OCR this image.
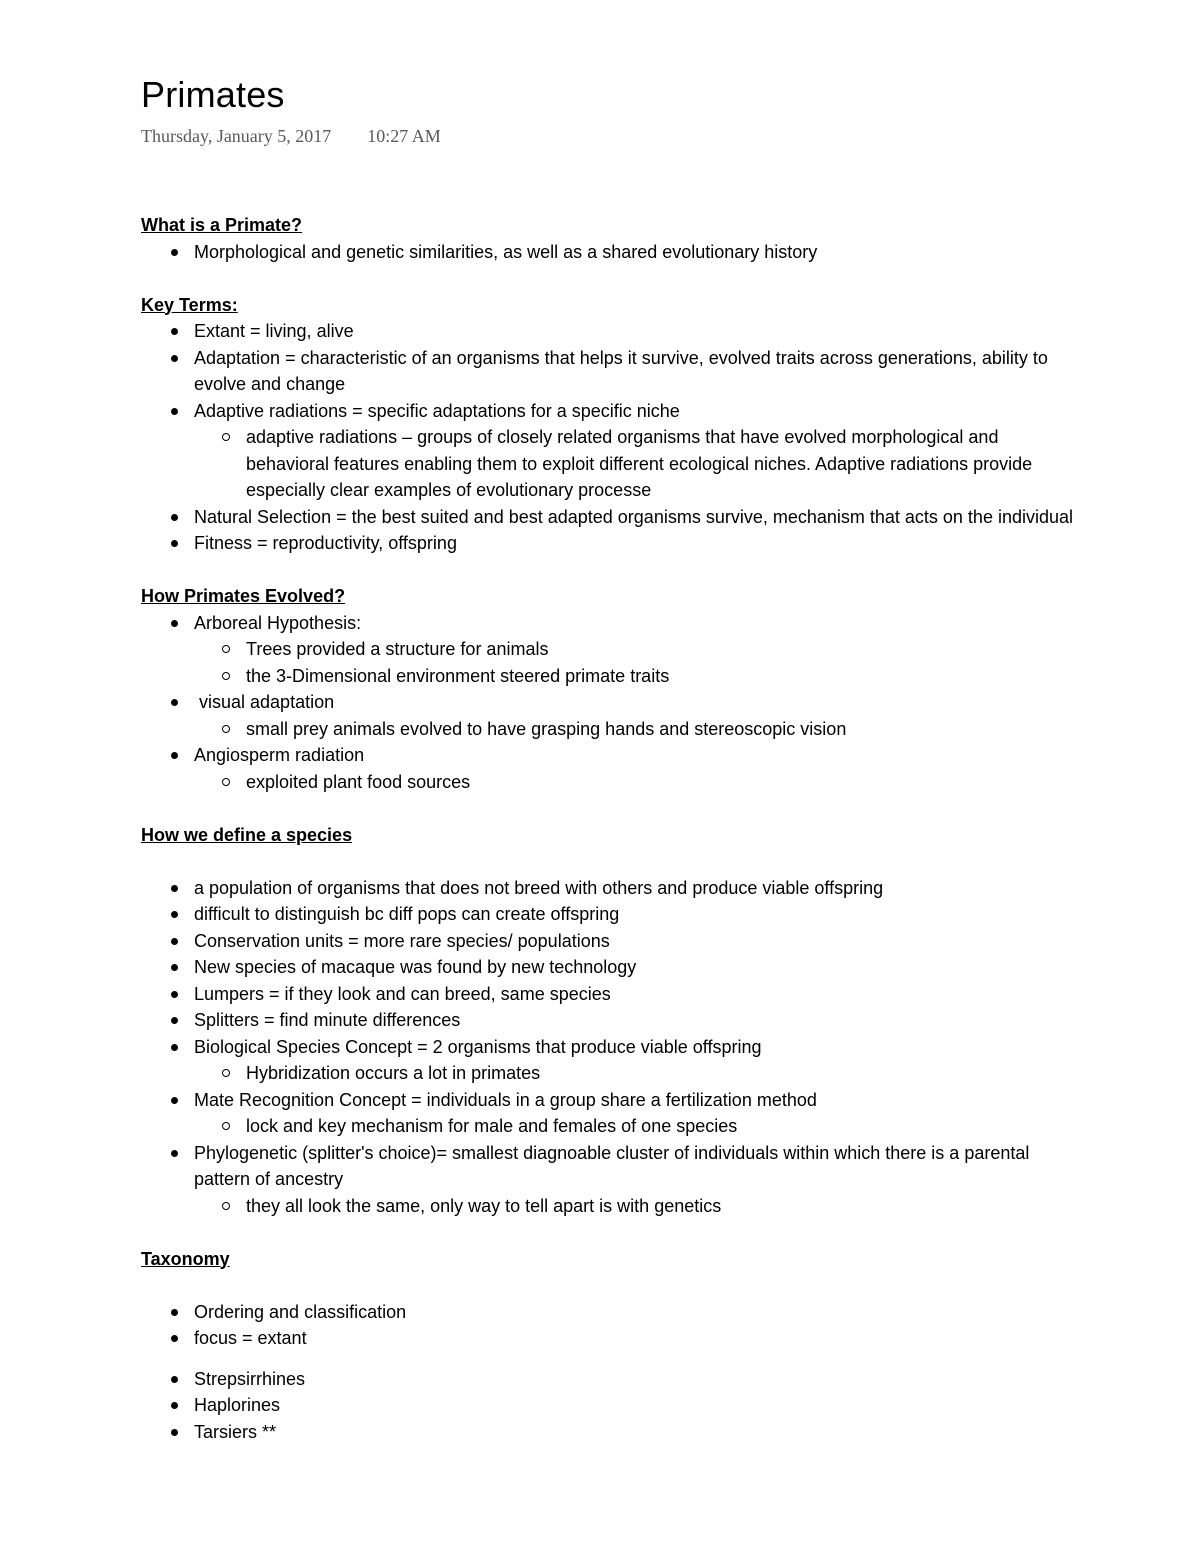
Primates
Thursday, January 5, 2017 10:27 AM

What is a Primate?

Morphological and genetic similarities, as well as a shared evolutionary history

Key Terms:

Extant = living, alive
Adaptation = characteristic of an organisms that helps it survive, evolved traits across generations, ability to evolve and change
Adaptive radiations = specific adaptations for a specific niche
adaptive radiations – groups of closely related organisms that have evolved morphological and behavioral features enabling them to exploit different ecological niches. Adaptive radiations provide especially clear examples of evolutionary processe
Natural Selection = the best suited and best adapted organisms survive, mechanism that acts on the individual
Fitness = reproductivity, offspring

How Primates Evolved?

Arboreal Hypothesis:
Trees provided a structure for animals
the 3-Dimensional environment steered primate traits
visual adaptation
small prey animals evolved to have grasping hands and stereoscopic vision
Angiosperm radiation
exploited plant food sources

How we define a species

a population of organisms that does not breed with others and produce viable offspring
difficult to distinguish bc diff pops can create offspring
Conservation units = more rare species/ populations
New species of macaque was found by new technology
Lumpers = if they look and can breed, same species
Splitters = find minute differences
Biological Species Concept = 2 organisms that produce viable offspring
Hybridization occurs a lot in primates
Mate Recognition Concept = individuals in a group share a fertilization method
lock and key mechanism for male and females of one species
Phylogenetic (splitter's choice)= smallest diagnoable cluster of individuals within which there is a parental pattern of ancestry
they all look the same, only way to tell apart is with genetics

Taxonomy

Ordering and classification
focus = extant
Strepsirrhines
Haplorines
Tarsiers **
